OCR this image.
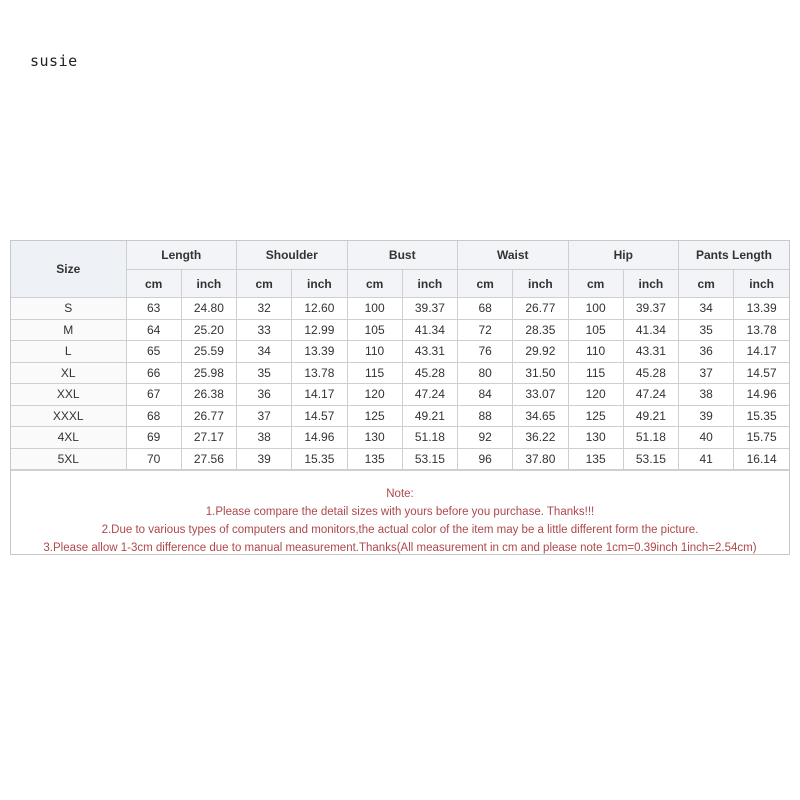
susie
Size	Length		Shoulder		Bust		Waist		Hip		Pants Length	
	cm	inch	cm	inch	cm	inch	cm	inch	cm	inch	cm	inch
S	63	24.80	32	12.60	100	39.37	68	26.77	100	39.37	34	13.39
M	64	25.20	33	12.99	105	41.34	72	28.35	105	41.34	35	13.78
L	65	25.59	34	13.39	110	43.31	76	29.92	110	43.31	36	14.17
XL	66	25.98	35	13.78	115	45.28	80	31.50	115	45.28	37	14.57
XXL	67	26.38	36	14.17	120	47.24	84	33.07	120	47.24	38	14.96
XXXL	68	26.77	37	14.57	125	49.21	88	34.65	125	49.21	39	15.35
4XL	69	27.17	38	14.96	130	51.18	92	36.22	130	51.18	40	15.75
5XL	70	27.56	39	15.35	135	53.15	96	37.80	135	53.15	41	16.14
Note:
1.Please compare the detail sizes with yours before you purchase. Thanks!!!
2.Due to various types of computers and monitors,the actual color of the item may be a little different form the picture.
3.Please allow 1-3cm difference due to manual measurement.Thanks(All measurement in cm and please note 1cm=0.39inch 1inch=2.54cm)
